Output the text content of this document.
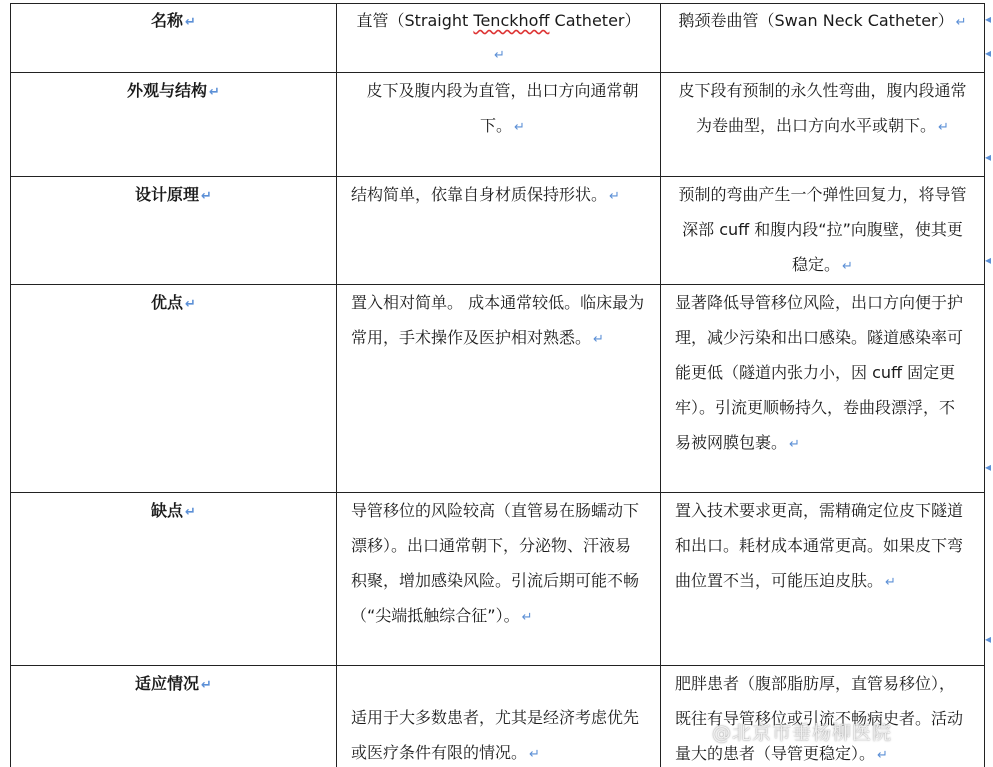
名称 ↵	直管（Straight Tenckhoff Catheter）↵	鹅颈卷曲管（Swan Neck Catheter） ↵
外观与结构 ↵	皮下及腹内段为直管，出口方向通常朝下。 ↵	皮下段有预制的永久性弯曲，腹内段通常为卷曲型，出口方向水平或朝下。 ↵
设计原理 ↵	结构简单，依靠自身材质保持形状。 ↵	预制的弯曲产生一个弹性回复力，将导管深部 cuff 和腹内段“拉”向腹壁，使其更稳定。 ↵
优点 ↵	置入相对简单。 成本通常较低。临床最为常用，手术操作及医护相对熟悉。 ↵	显著降低导管移位风险，出口方向便于护理，减少污染和出口感染。隧道感染率可能更低（隧道内张力小，因 cuff 固定更牢）。引流更顺畅持久，卷曲段漂浮，不易被网膜包裹。 ↵
缺点 ↵	导管移位的风险较高（直管易在肠蠕动下漂移）。出口通常朝下，分泌物、汗液易积聚，增加感染风险。引流后期可能不畅（“尖端抵触综合征”）。 ↵	置入技术要求更高，需精确定位皮下隧道和出口。耗材成本通常更高。如果皮下弯曲位置不当，可能压迫皮肤。 ↵
适应情况 ↵	适用于大多数患者，尤其是经济考虑优先或医疗条件有限的情况。 ↵	肥胖患者（腹部脂肪厚，直管易移位），既往有导管移位或引流不畅病史者。活动量大的患者（导管更稳定）。 ↵
◂
◂
◂
◂
◂
◂
@北京市垂杨柳医院
